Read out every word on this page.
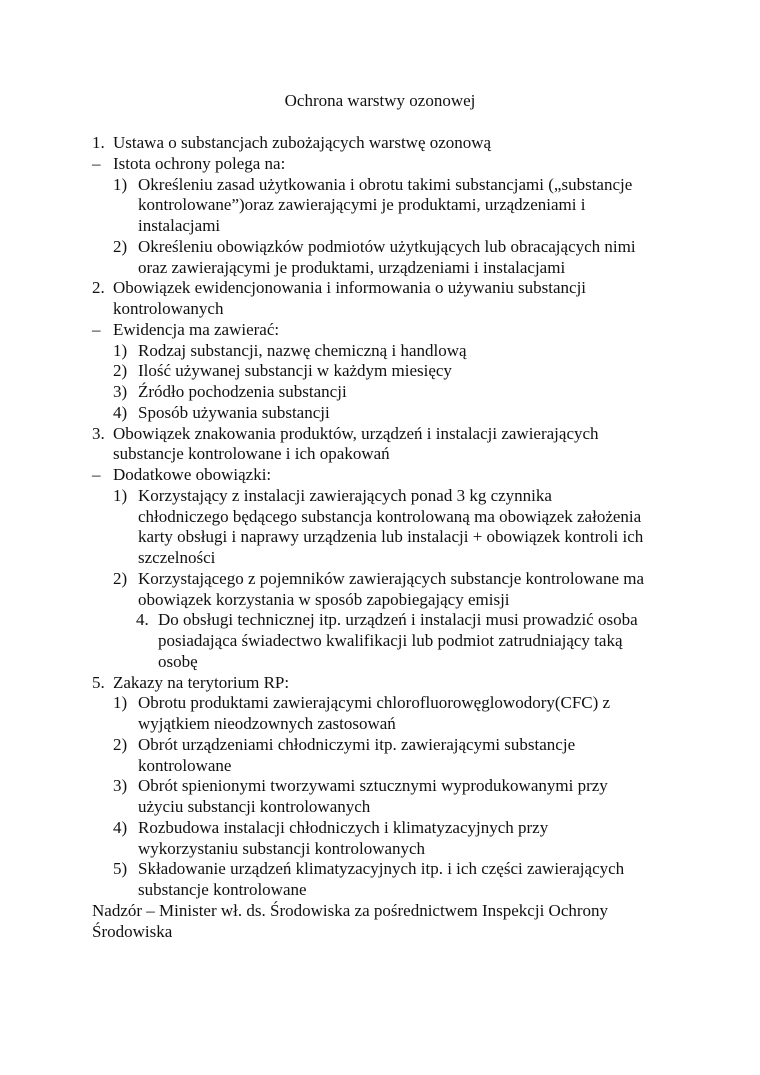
Ochrona warstwy ozonowej
1. Ustawa o substancjach zubożających warstwę ozonową
– Istota ochrony polega na:
1) Określeniu zasad użytkowania i obrotu takimi substancjami („substancje
kontrolowane”)oraz zawierającymi je produktami, urządzeniami i
instalacjami
2) Określeniu obowiązków podmiotów użytkujących lub obracających nimi
oraz zawierającymi je produktami, urządzeniami i instalacjami
2. Obowiązek ewidencjonowania i informowania o używaniu substancji
kontrolowanych
– Ewidencja ma zawierać:
1) Rodzaj substancji, nazwę chemiczną i handlową
2) Ilość używanej substancji w każdym miesięcy
3) Źródło pochodzenia substancji
4) Sposób używania substancji
3. Obowiązek znakowania produktów, urządzeń i instalacji zawierających
substancje kontrolowane i ich opakowań
– Dodatkowe obowiązki:
1) Korzystający z instalacji zawierających ponad 3 kg czynnika
chłodniczego będącego substancja kontrolowaną ma obowiązek założenia
karty obsługi i naprawy urządzenia lub instalacji + obowiązek kontroli ich
szczelności
2) Korzystającego z pojemników zawierających substancje kontrolowane ma
obowiązek korzystania w sposób zapobiegający emisji
4. Do obsługi technicznej itp. urządzeń i instalacji musi prowadzić osoba
posiadająca świadectwo kwalifikacji lub podmiot zatrudniający taką
osobę
5. Zakazy na terytorium RP:
1) Obrotu produktami zawierającymi chlorofluorowęglowodory(CFC) z
wyjątkiem nieodzownych zastosowań
2) Obrót urządzeniami chłodniczymi itp. zawierającymi substancje
kontrolowane
3) Obrót spienionymi tworzywami sztucznymi wyprodukowanymi przy
użyciu substancji kontrolowanych
4) Rozbudowa instalacji chłodniczych i klimatyzacyjnych przy
wykorzystaniu substancji kontrolowanych
5) Składowanie urządzeń klimatyzacyjnych itp. i ich części zawierających
substancje kontrolowane
Nadzór – Minister wł. ds. Środowiska za pośrednictwem Inspekcji Ochrony
Środowiska
